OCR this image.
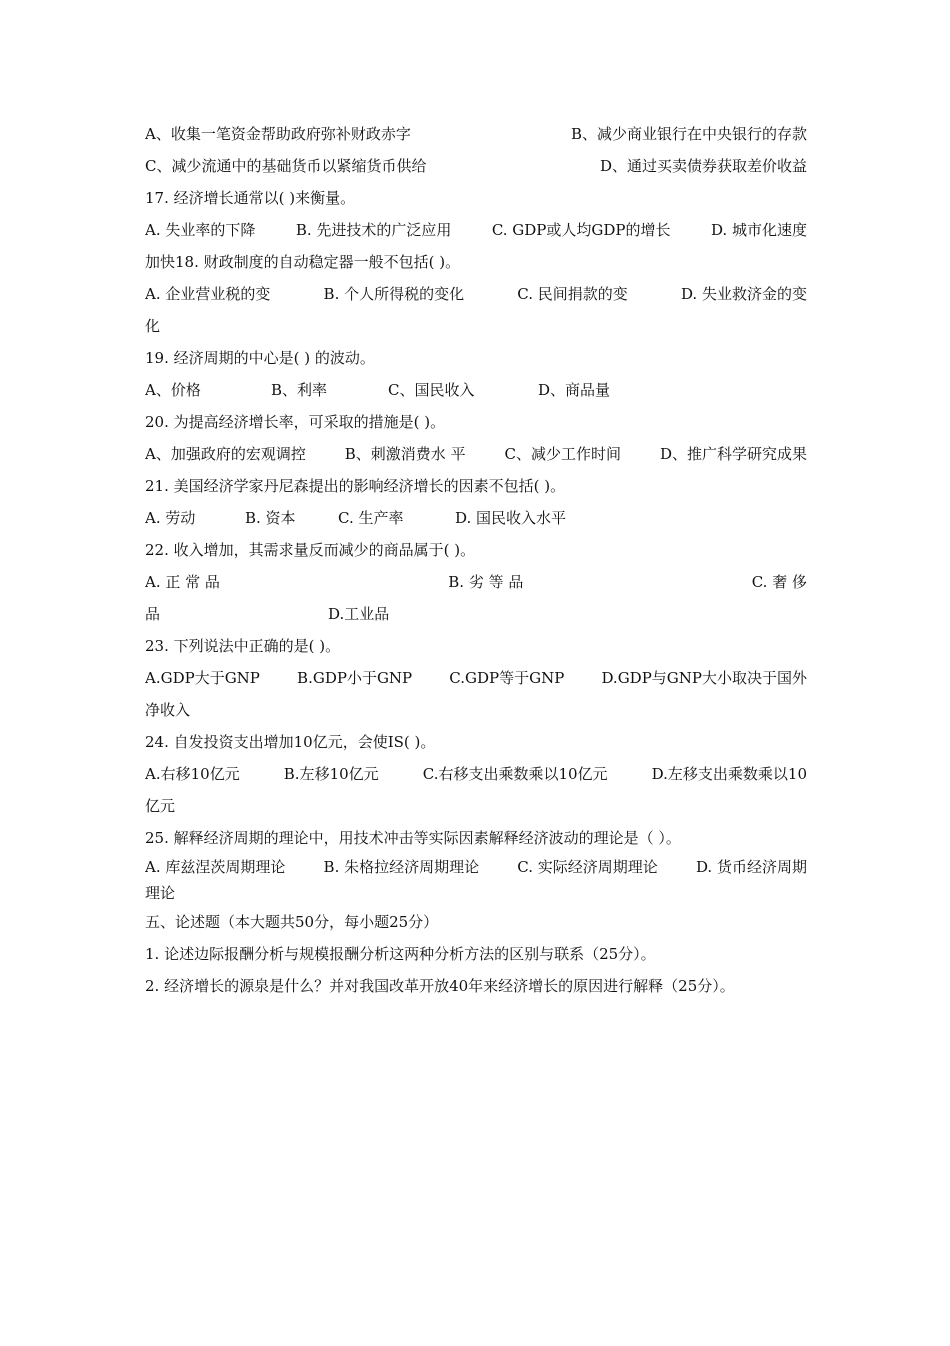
A、收集一笔资金帮助政府弥补财政赤字	B、减少商业银行在中央银行的存款
C、减少流通中的基础货币以紧缩货币供给	D、通过买卖债券获取差价收益
17. 经济增长通常以( )来衡量。
A. 失业率的下降	B. 先进技术的广泛应用	C. GDP或人均GDP的增长	D. 城市化速度
加快18. 财政制度的自动稳定器一般不包括( )。
A. 企业营业税的变	B. 个人所得税的变化	C. 民间捐款的变	D. 失业救济金的变
化
19. 经济周期的中心是( ) 的波动。
A、价格	B、利率	C、国民收入	D、商品量
20. 为提高经济增长率，可采取的措施是( )。
A、加强政府的宏观调控	B、刺激消费水 平	C、减少工作时间	D、推广科学研究成果
21. 美国经济学家丹尼森提出的影响经济增长的因素不包括( )。
A. 劳动	B. 资本	C. 生产率	D. 国民收入水平
22. 收入增加，其需求量反而减少的商品属于( )。
A. 正 常 品	B. 劣 等 品	C. 奢 侈
品	D.工业品
23. 下列说法中正确的是( )。
A.GDP大于GNP B.GDP小于GNP C.GDP等于GNP D.GDP与GNP大小取决于国外
净收入
24. 自发投资支出增加10亿元，会使IS( )。
A.右移10亿元	B.左移10亿元	C.右移支出乘数乘以10亿元	D.左移支出乘数乘以10
亿元
25. 解释经济周期的理论中，用技术冲击等实际因素解释经济波动的理论是（ ）。
A. 库兹涅茨周期理论	B. 朱格拉经济周期理论	C. 实际经济周期理论	D. 货币经济周期
理论
五、论述题（本大题共50分，每小题25分）
1. 论述边际报酬分析与规模报酬分析这两种分析方法的区别与联系（25分）。
2. 经济增长的源泉是什么？并对我国改革开放40年来经济增长的原因进行解释（25分）。
